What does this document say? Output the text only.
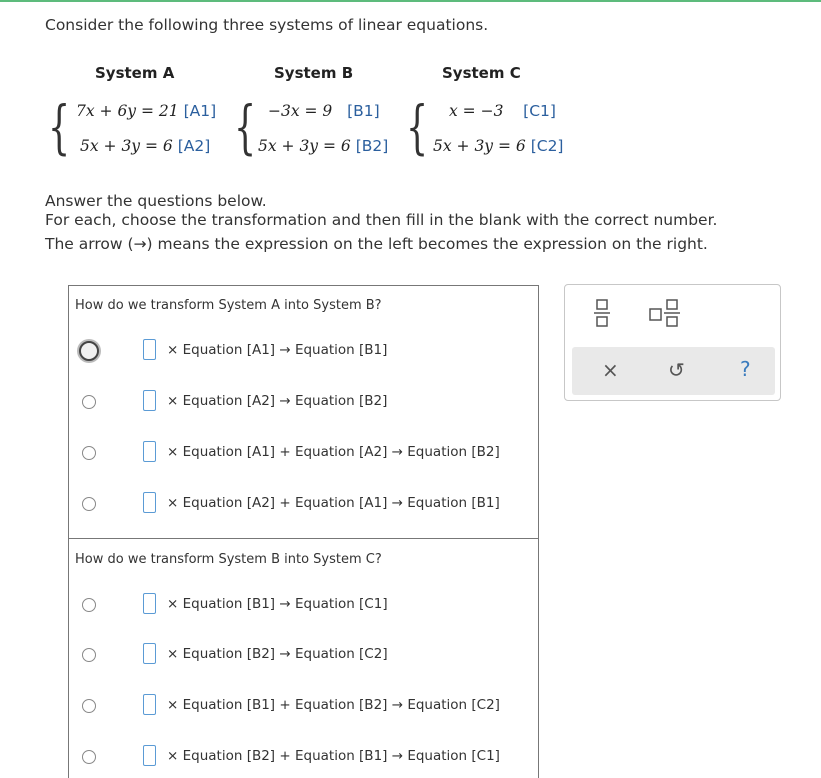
Consider the following three systems of linear equations.
System A	System B	System C
{	{	{
7x + 6y = 21 [A1]
5x + 3y = 6 [A2]
−3x = 9 [B1]
5x + 3y = 6 [B2]
x = −3 [C1]
5x + 3y = 6 [C2]
Answer the questions below.
For each, choose the transformation and then fill in the blank with the correct number.
The arrow (→) means the expression on the left becomes the expression on the right.
How do we transform System A into System B?
× Equation [A1] → Equation [B1]
× Equation [A2] → Equation [B2]
× Equation [A1] + Equation [A2] → Equation [B2]
× Equation [A2] + Equation [A1] → Equation [B1]
How do we transform System B into System C?
× Equation [B1] → Equation [C1]
× Equation [B2] → Equation [C2]
× Equation [B1] + Equation [B2] → Equation [C2]
× Equation [B2] + Equation [B1] → Equation [C1]
× ↺	?
